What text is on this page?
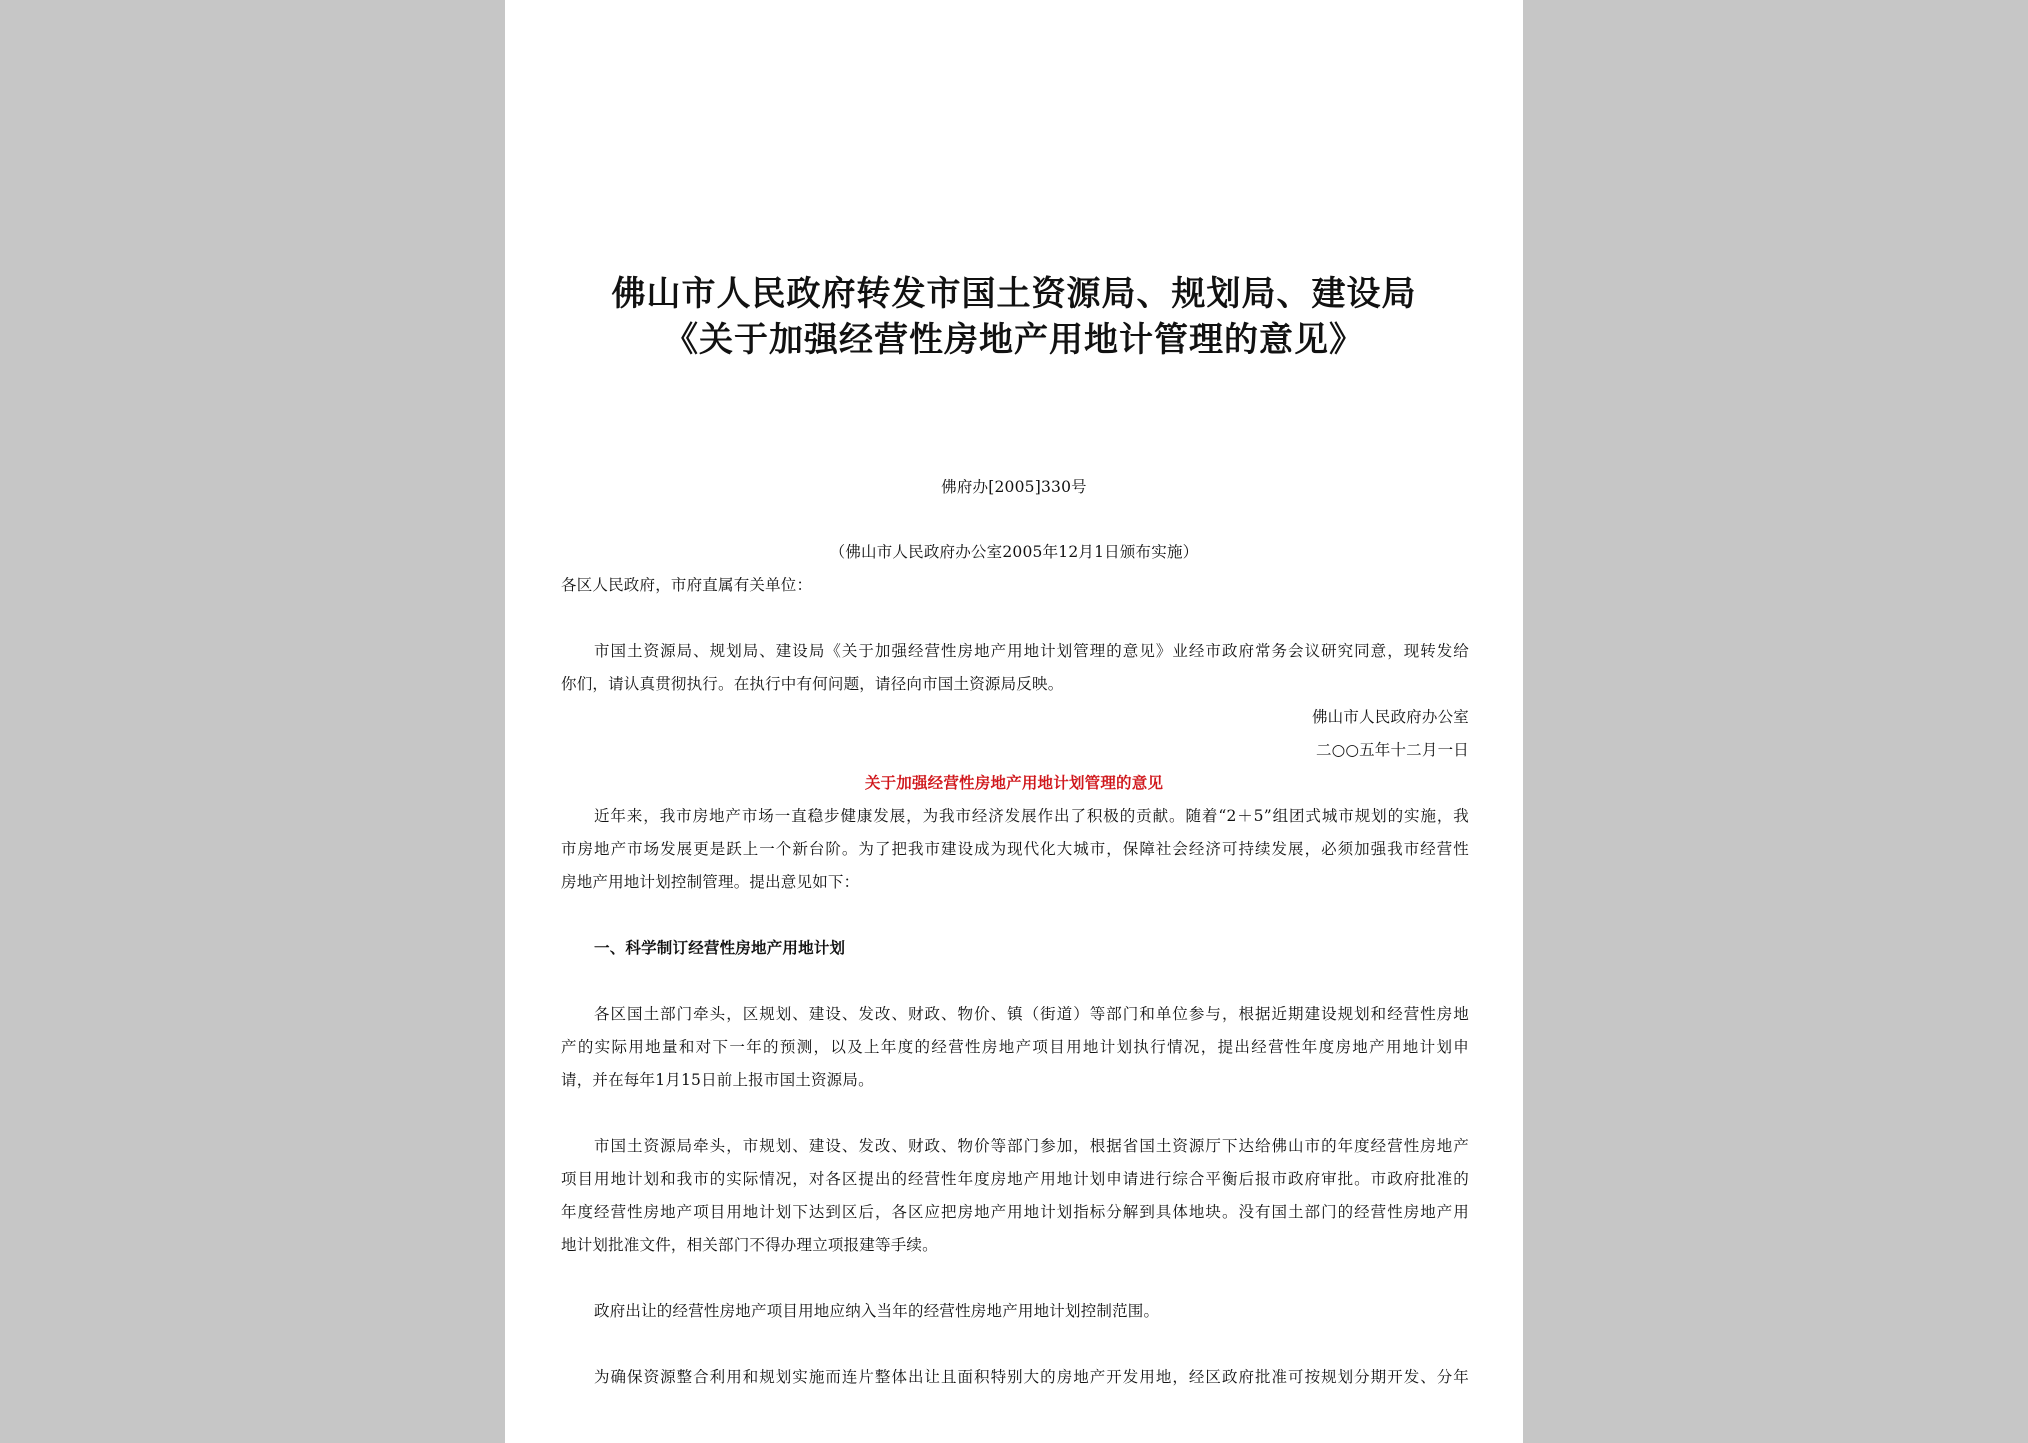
佛山市人民政府转发市国土资源局、规划局、建设局
《关于加强经营性房地产用地计管理的意见》
佛府办[2005]330号
（佛山市人民政府办公室2005年12月1日颁布实施）
各区人民政府，市府直属有关单位：
市国土资源局、规划局、建设局《关于加强经营性房地产用地计划管理的意见》业经市政府常务会议研究同意，现转发给
你们，请认真贯彻执行。在执行中有何问题，请径向市国土资源局反映。
佛山市人民政府办公室
二○○五年十二月一日
关于加强经营性房地产用地计划管理的意见
近年来，我市房地产市场一直稳步健康发展，为我市经济发展作出了积极的贡献。随着“2＋5”组团式城市规划的实施，我
市房地产市场发展更是跃上一个新台阶。为了把我市建设成为现代化大城市，保障社会经济可持续发展，必须加强我市经营性
房地产用地计划控制管理。提出意见如下：
一、科学制订经营性房地产用地计划
各区国土部门牵头，区规划、建设、发改、财政、物价、镇（街道）等部门和单位参与，根据近期建设规划和经营性房地
产的实际用地量和对下一年的预测，以及上年度的经营性房地产项目用地计划执行情况，提出经营性年度房地产用地计划申
请，并在每年1月15日前上报市国土资源局。
市国土资源局牵头，市规划、建设、发改、财政、物价等部门参加，根据省国土资源厅下达给佛山市的年度经营性房地产
项目用地计划和我市的实际情况，对各区提出的经营性年度房地产用地计划申请进行综合平衡后报市政府审批。市政府批准的
年度经营性房地产项目用地计划下达到区后，各区应把房地产用地计划指标分解到具体地块。没有国土部门的经营性房地产用
地计划批准文件，相关部门不得办理立项报建等手续。
政府出让的经营性房地产项目用地应纳入当年的经营性房地产用地计划控制范围。
为确保资源整合利用和规划实施而连片整体出让且面积特别大的房地产开发用地，经区政府批准可按规划分期开发、分年
